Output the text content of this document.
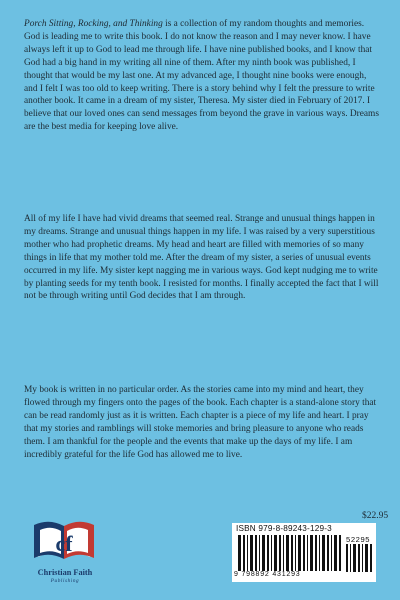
Porch Sitting, Rocking, and Thinking is a collection of my random thoughts and memories. God is leading me to write this book. I do not know the reason and I may never know. I have always left it up to God to lead me through life. I have nine published books, and I know that God had a big hand in my writing all nine of them. After my ninth book was published, I thought that would be my last one. At my advanced age, I thought nine books were enough, and I felt I was too old to keep writing. There is a story behind why I felt the pressure to write another book. It came in a dream of my sister, Theresa. My sister died in February of 2017. I believe that our loved ones can send messages from beyond the grave in various ways. Dreams are the best media for keeping love alive.
All of my life I have had vivid dreams that seemed real. Strange and unusual things happen in my dreams. Strange and unusual things happen in my life. I was raised by a very superstitious mother who had prophetic dreams. My head and heart are filled with memories of so many things in life that my mother told me. After the dream of my sister, a series of unusual events occurred in my life. My sister kept nagging me in various ways. God kept nudging me to write by planting seeds for my tenth book. I resisted for months. I finally accepted the fact that I will not be through writing until God decides that I am through.
My book is written in no particular order. As the stories came into my mind and heart, they flowed through my fingers onto the pages of the book. Each chapter is a stand-alone story that can be read randomly just as it is written. Each chapter is a piece of my life and heart. I pray that my stories and ramblings will stoke memories and bring pleasure to anyone who reads them. I am thankful for the people and the events that make up the days of my life. I am incredibly grateful for the life God has allowed me to live.
$22.95
cf
Christian Faith
Publishing
ISBN 979-8-89243-129-3
52295
9 798892 431293
